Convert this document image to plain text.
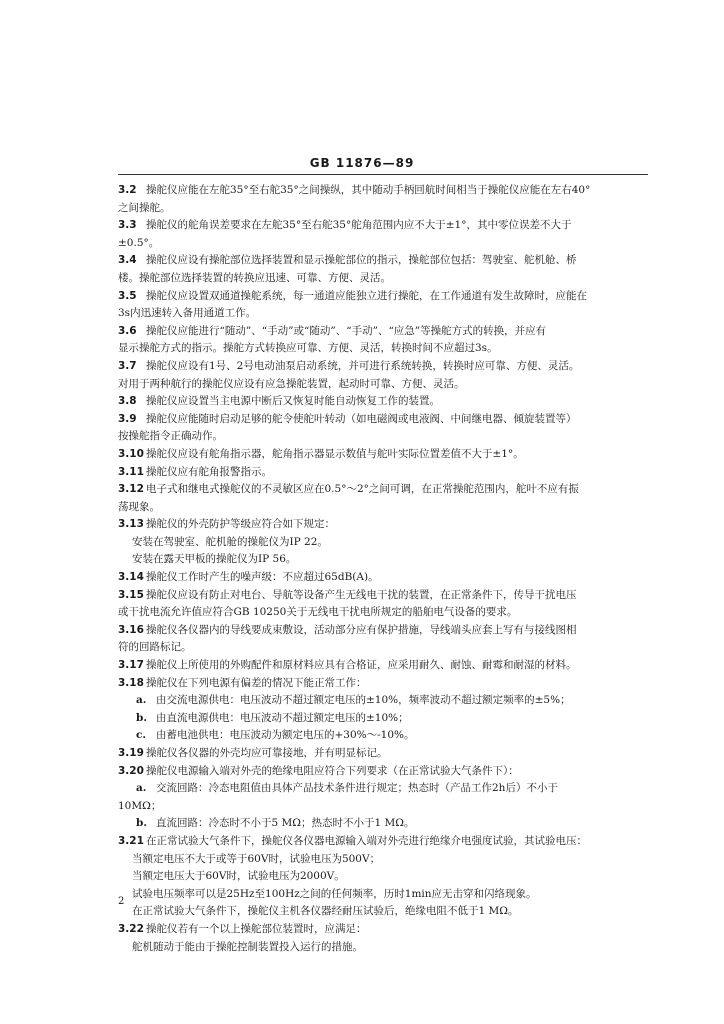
GB 11876—89
3.2 操舵仪应能在左舵35°至右舵35°之间操纵，其中随动手柄回航时间相当于操舵仪应能在左右40°
之间操舵。
3.3 操舵仪的舵角误差要求在左舵35°至右舵35°舵角范围内应不大于±1°，其中零位误差不大于
±0.5°。
3.4 操舵仪应设有操舵部位选择装置和显示操舵部位的指示，操舵部位包括：驾驶室、舵机舱、桥
楼。操舵部位选择装置的转换应迅速、可靠、方便、灵活。
3.5 操舵仪应设置双通道操舵系统，每一通道应能独立进行操舵，在工作通道有发生故障时，应能在
3s内迅速转入备用通道工作。
3.6 操舵仪应能进行“随动”、“手动”或“随动”、“手动”、“应急”等操舵方式的转换，并应有
显示操舵方式的指示。操舵方式转换应可靠、方便、灵活，转换时间不应超过3s。
3.7 操舵仪应设有1号、2号电动油泵启动系统，并可进行系统转换，转换时应可靠、方便、灵活。
对用于两种航行的操舵仪应设有应急操舵装置，起动时可靠、方便、灵活。
3.8 操舵仪应设置当主电源中断后又恢复时能自动恢复工作的装置。
3.9 操舵仪应能随时启动足够的舵令使舵叶转动（如电磁阀或电液阀、中间继电器、倾旋装置等）
按操舵指令正确动作。
3.10 操舵仪应设有舵角指示器，舵角指示器显示数值与舵叶实际位置差值不大于±1°。
3.11 操舵仪应有舵角报警指示。
3.12 电子式和继电式操舵仪的不灵敏区应在0.5°～2°之间可调，在正常操舵范围内，舵叶不应有振
荡现象。
3.13 操舵仪的外壳防护等级应符合如下规定：
安装在驾驶室、舵机舱的操舵仪为IP 22。
安装在露天甲板的操舵仪为IP 56。
3.14 操舵仪工作时产生的噪声级：不应超过65dB(A)。
3.15 操舵仪应设有防止对电台、导航等设备产生无线电干扰的装置，在正常条件下，传导干扰电压
或干扰电流允许值应符合GB 10250关于无线电干扰电所规定的船舶电气设备的要求。
3.16 操舵仪各仪器内的导线要成束敷设，活动部分应有保护措施，导线端头应套上写有与接线图相
符的回路标记。
3.17 操舵仪上所使用的外购配件和原材料应具有合格证，应采用耐久、耐蚀、耐霉和耐湿的材料。
3.18 操舵仪在下列电源有偏差的情况下能正常工作：
a. 由交流电源供电：电压波动不超过额定电压的±10%，频率波动不超过额定频率的±5%；
b. 由直流电源供电：电压波动不超过额定电压的±10%；
c. 由蓄电池供电：电压波动为额定电压的+30%～-10%。
3.19 操舵仪各仪器的外壳均应可靠接地，并有明显标记。
3.20 操舵仪电源输入端对外壳的绝缘电阻应符合下列要求（在正常试验大气条件下）：
a. 交流回路：冷态电阻值由具体产品技术条件进行规定；热态时（产品工作2h后）不小于
10MΩ；
b. 直流回路：冷态时不小于5 MΩ；热态时不小于1 MΩ。
3.21 在正常试验大气条件下，操舵仪各仪器电源输入端对外壳进行绝缘介电强度试验，其试验电压：
当额定电压不大于或等于60V时，试验电压为500V；
当额定电压大于60V时，试验电压为2000V。
试验电压频率可以是25Hz至100Hz之间的任何频率，历时1min应无击穿和闪络现象。
在正常试验大气条件下，操舵仪主机各仪器经耐压试验后，绝缘电阻不低于1 MΩ。
3.22 操舵仪若有一个以上操舵部位装置时，应满足：
舵机随动于能由于操舵控制装置投入运行的措施。
2
